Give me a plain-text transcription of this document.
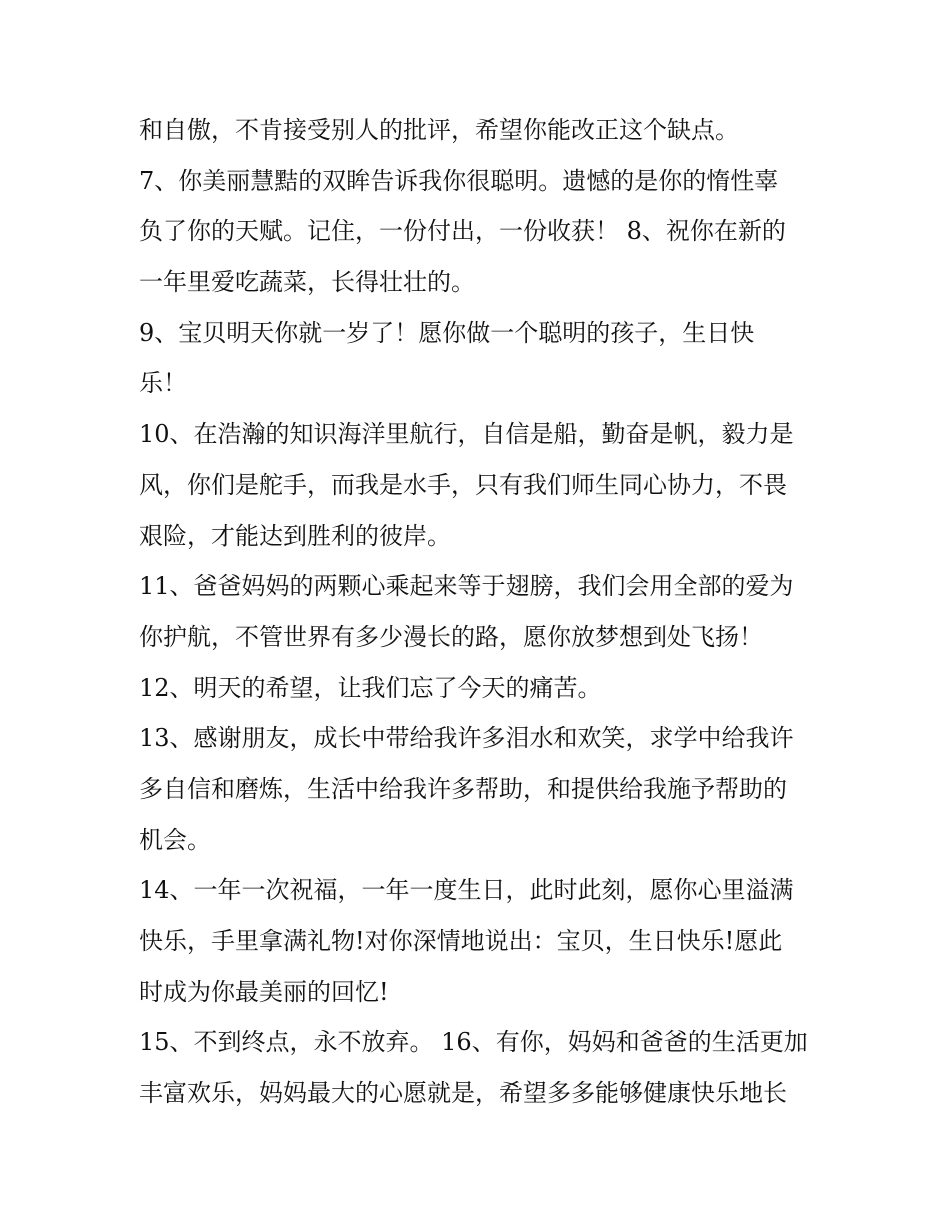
和自傲，不肯接受别人的批评，希望你能改正这个缺点。
7、你美丽慧黠的双眸告诉我你很聪明。遗憾的是你的惰性辜
负了你的天赋。记住，一份付出，一份收获！ 8、祝你在新的
一年里爱吃蔬菜，长得壮壮的。
9、宝贝明天你就一岁了！愿你做一个聪明的孩子，生日快
乐！
10、在浩瀚的知识海洋里航行，自信是船，勤奋是帆，毅力是
风，你们是舵手，而我是水手，只有我们师生同心协力，不畏
艰险，才能达到胜利的彼岸。
11、爸爸妈妈的两颗心乘起来等于翅膀，我们会用全部的爱为
你护航，不管世界有多少漫长的路，愿你放梦想到处飞扬！
12、明天的希望，让我们忘了今天的痛苦。
13、感谢朋友，成长中带给我许多泪水和欢笑，求学中给我许
多自信和磨炼，生活中给我许多帮助，和提供给我施予帮助的
机会。
14、一年一次祝福，一年一度生日，此时此刻，愿你心里溢满
快乐，手里拿满礼物!对你深情地说出：宝贝，生日快乐!愿此
时成为你最美丽的回忆!
15、不到终点，永不放弃。 16、有你，妈妈和爸爸的生活更加
丰富欢乐，妈妈最大的心愿就是，希望多多能够健康快乐地长
